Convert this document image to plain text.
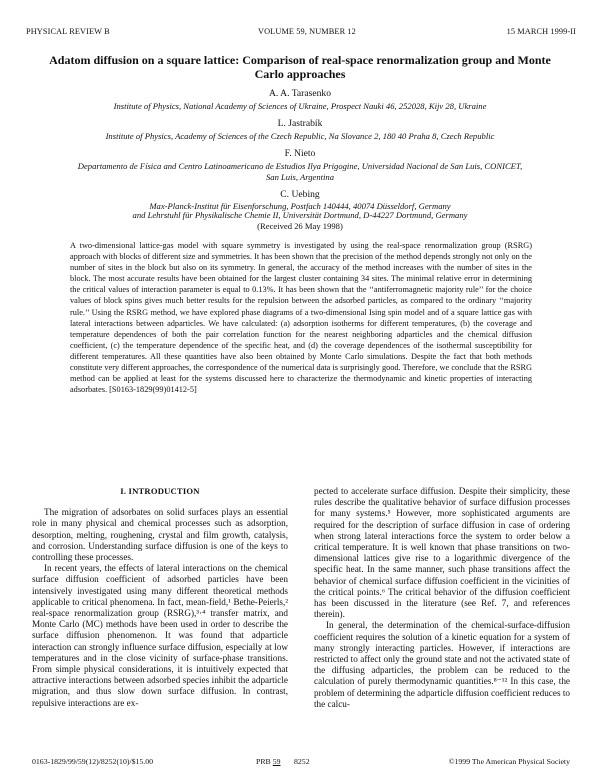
PHYSICAL REVIEW B	VOLUME 59, NUMBER 12	15 MARCH 1999-II
Adatom diffusion on a square lattice: Comparison of real-space renormalization group and Monte Carlo approaches
A. A. Tarasenko
Institute of Physics, National Academy of Sciences of Ukraine, Prospect Nauki 46, 252028, Kijv 28, Ukraine
L. Jastrabík
Institute of Physics, Academy of Sciences of the Czech Republic, Na Slovance 2, 180 40 Praha 8, Czech Republic
F. Nieto
Departamento de Física and Centro Latinoamericano de Estudios Ilya Prigogine, Universidad Nacional de San Luis, CONICET,
San Luis, Argentina
C. Uebing
Max-Planck-Institut für Eisenforschung, Postfach 140444, 40074 Düsseldorf, Germany
and Lehrstuhl für Physikalische Chemie II, Universität Dortmund, D-44227 Dortmund, Germany
(Received 26 May 1998)
A two-dimensional lattice-gas model with square symmetry is investigated by using the real-space renormalization group (RSRG) approach with blocks of different size and symmetries. It has been shown that the precision of the method depends strongly not only on the number of sites in the block but also on its symmetry. In general, the accuracy of the method increases with the number of sites in the block. The most accurate results have been obtained for the largest cluster containing 34 sites. The minimal relative error in determining the critical values of interaction parameter is equal to 0.13%. It has been shown that the ‘‘antiferromagnetic majority rule’’ for the choice values of block spins gives much better results for the repulsion between the adsorbed particles, as compared to the ordinary ‘‘majority rule.’’ Using the RSRG method, we have explored phase diagrams of a two-dimensional Ising spin model and of a square lattice gas with lateral interactions between adparticles. We have calculated: (a) adsorption isotherms for different temperatures, (b) the coverage and temperature dependences of both the pair correlation function for the nearest neighboring adparticles and the chemical diffusion coefficient, (c) the temperature dependence of the specific heat, and (d) the coverage dependences of the isothermal susceptibility for different temperatures. All these quantities have also been obtained by Monte Carlo simulations. Despite the fact that both methods constitute very different approaches, the correspondence of the numerical data is surprisingly good. Therefore, we conclude that the RSRG method can be applied at least for the systems discussed here to characterize the thermodynamic and kinetic properties of interacting adsorbates. [S0163-1829(99)01412-5]
I. INTRODUCTION

The migration of adsorbates on solid surfaces plays an essential role in many physical and chemical processes such as adsorption, desorption, melting, roughening, crystal and film growth, catalysis, and corrosion. Understanding surface diffusion is one of the keys to controlling these processes.

In recent years, the effects of lateral interactions on the chemical surface diffusion coefficient of adsorbed particles have been intensively investigated using many different theoretical methods applicable to critical phenomena. In fact, mean-field,¹ Bethe-Peierls,² real-space renormalization group (RSRG),³·⁴ transfer matrix, and Monte Carlo (MC) methods have been used in order to describe the surface diffusion phenomenon. It was found that adparticle interaction can strongly influence surface diffusion, especially at low temperatures and in the close vicinity of surface-phase transitions. From simple physical considerations, it is intuitively expected that attractive interactions between adsorbed species inhibit the adparticle migration, and thus slow down surface diffusion. In contrast, repulsive interactions are ex-

pected to accelerate surface diffusion. Despite their simplicity, these rules describe the qualitative behavior of surface diffusion processes for many systems.⁵ However, more sophisticated arguments are required for the description of surface diffusion in case of ordering when strong lateral interactions force the system to order below a critical temperature. It is well known that phase transitions on two-dimensional lattices give rise to a logarithmic divergence of the specific heat. In the same manner, such phase transitions affect the behavior of chemical surface diffusion coefficient in the vicinities of the critical points.⁶ The critical behavior of the diffusion coefficient has been discussed in the literature (see Ref. 7, and references therein).

In general, the determination of the chemical-surface-diffusion coefficient requires the solution of a kinetic equation for a system of many strongly interacting particles. However, if interactions are restricted to affect only the ground state and not the activated state of the diffusing adparticles, the problem can be reduced to the calculation of purely thermodynamic quantities.⁸⁻¹² In this case, the problem of determining the adparticle diffusion coefficient reduces to the calcu-

0163-1829/99/59(12)/8252(10)/$15.00	PRB 59 8252	©1999 The American Physical Society
